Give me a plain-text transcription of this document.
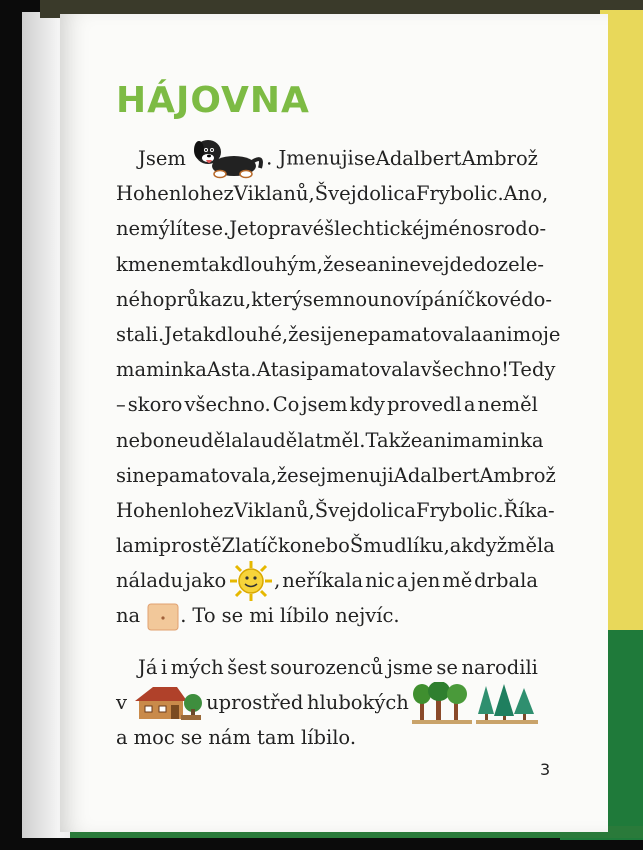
HÁJOVNA
Jsem	. Jmenuji se Adalbert Ambrož
Hohenlohe z Viklanů, Švejdolic a Frybolic. Ano,
nemýlíte se. Je to pravé šlechtické jméno s rodo-
kmenem tak dlouhým, že se ani nevejde do zele-
ného průkazu, který se mnou noví páníčkové do-
stali. Je tak dlouhé, že si je nepamatovala ani moje
maminka Asta. A ta si pamatovala všechno! Tedy
– skoro všechno. Co jsem kdy provedl a neměl
nebo neudělal a udělat měl. Takže ani maminka
si nepamatovala, že se jmenuji Adalbert Ambrož
Hohenlohe z Viklanů, Švejdolic a Frybolic. Říka-
la mi prostě Zlatíčko nebo Šmudlíku, a když měla
náladu jako	, neříkala nic a jen mě drbala
na	. To se mi líbilo nejvíc.
Já i mých šest sourozenců jsme se narodili
v	uprostřed hlubokých
a moc se nám tam líbilo.
3
